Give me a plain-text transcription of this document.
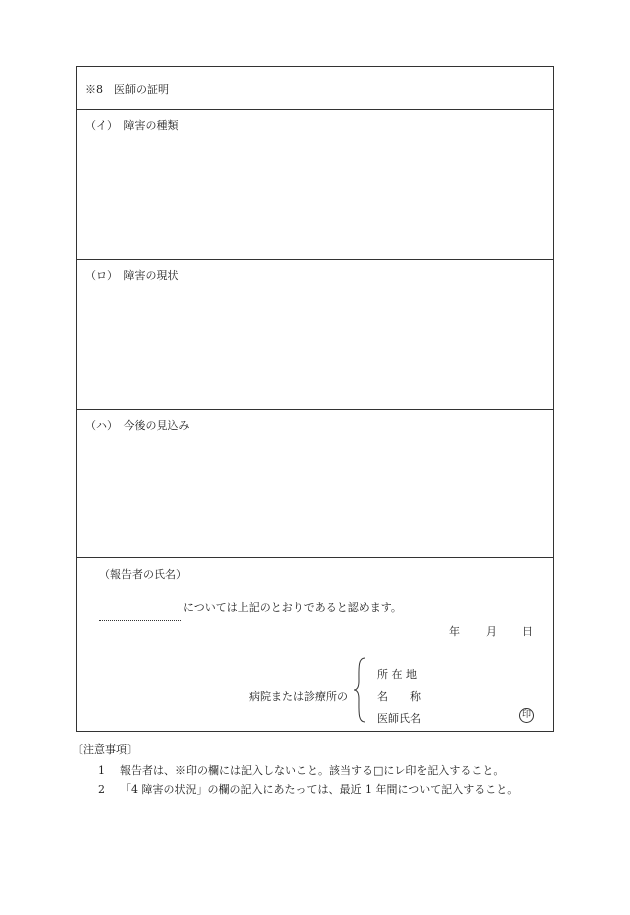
※8　医師の証明
（イ）　障害の種類
（ロ）　障害の現状
（ハ）　今後の見込み
（報告者の氏名）
については上記のとおりであると認めます。
年 月 日
病院または診療所の
所 在 地
名　　称
医師氏名	印
〔注意事項〕
1 報告者は、※印の欄には記入しないこと。該当する□にレ印を記入すること。
2 「4 障害の状況」の欄の記入にあたっては、最近 1 年間について記入すること。
